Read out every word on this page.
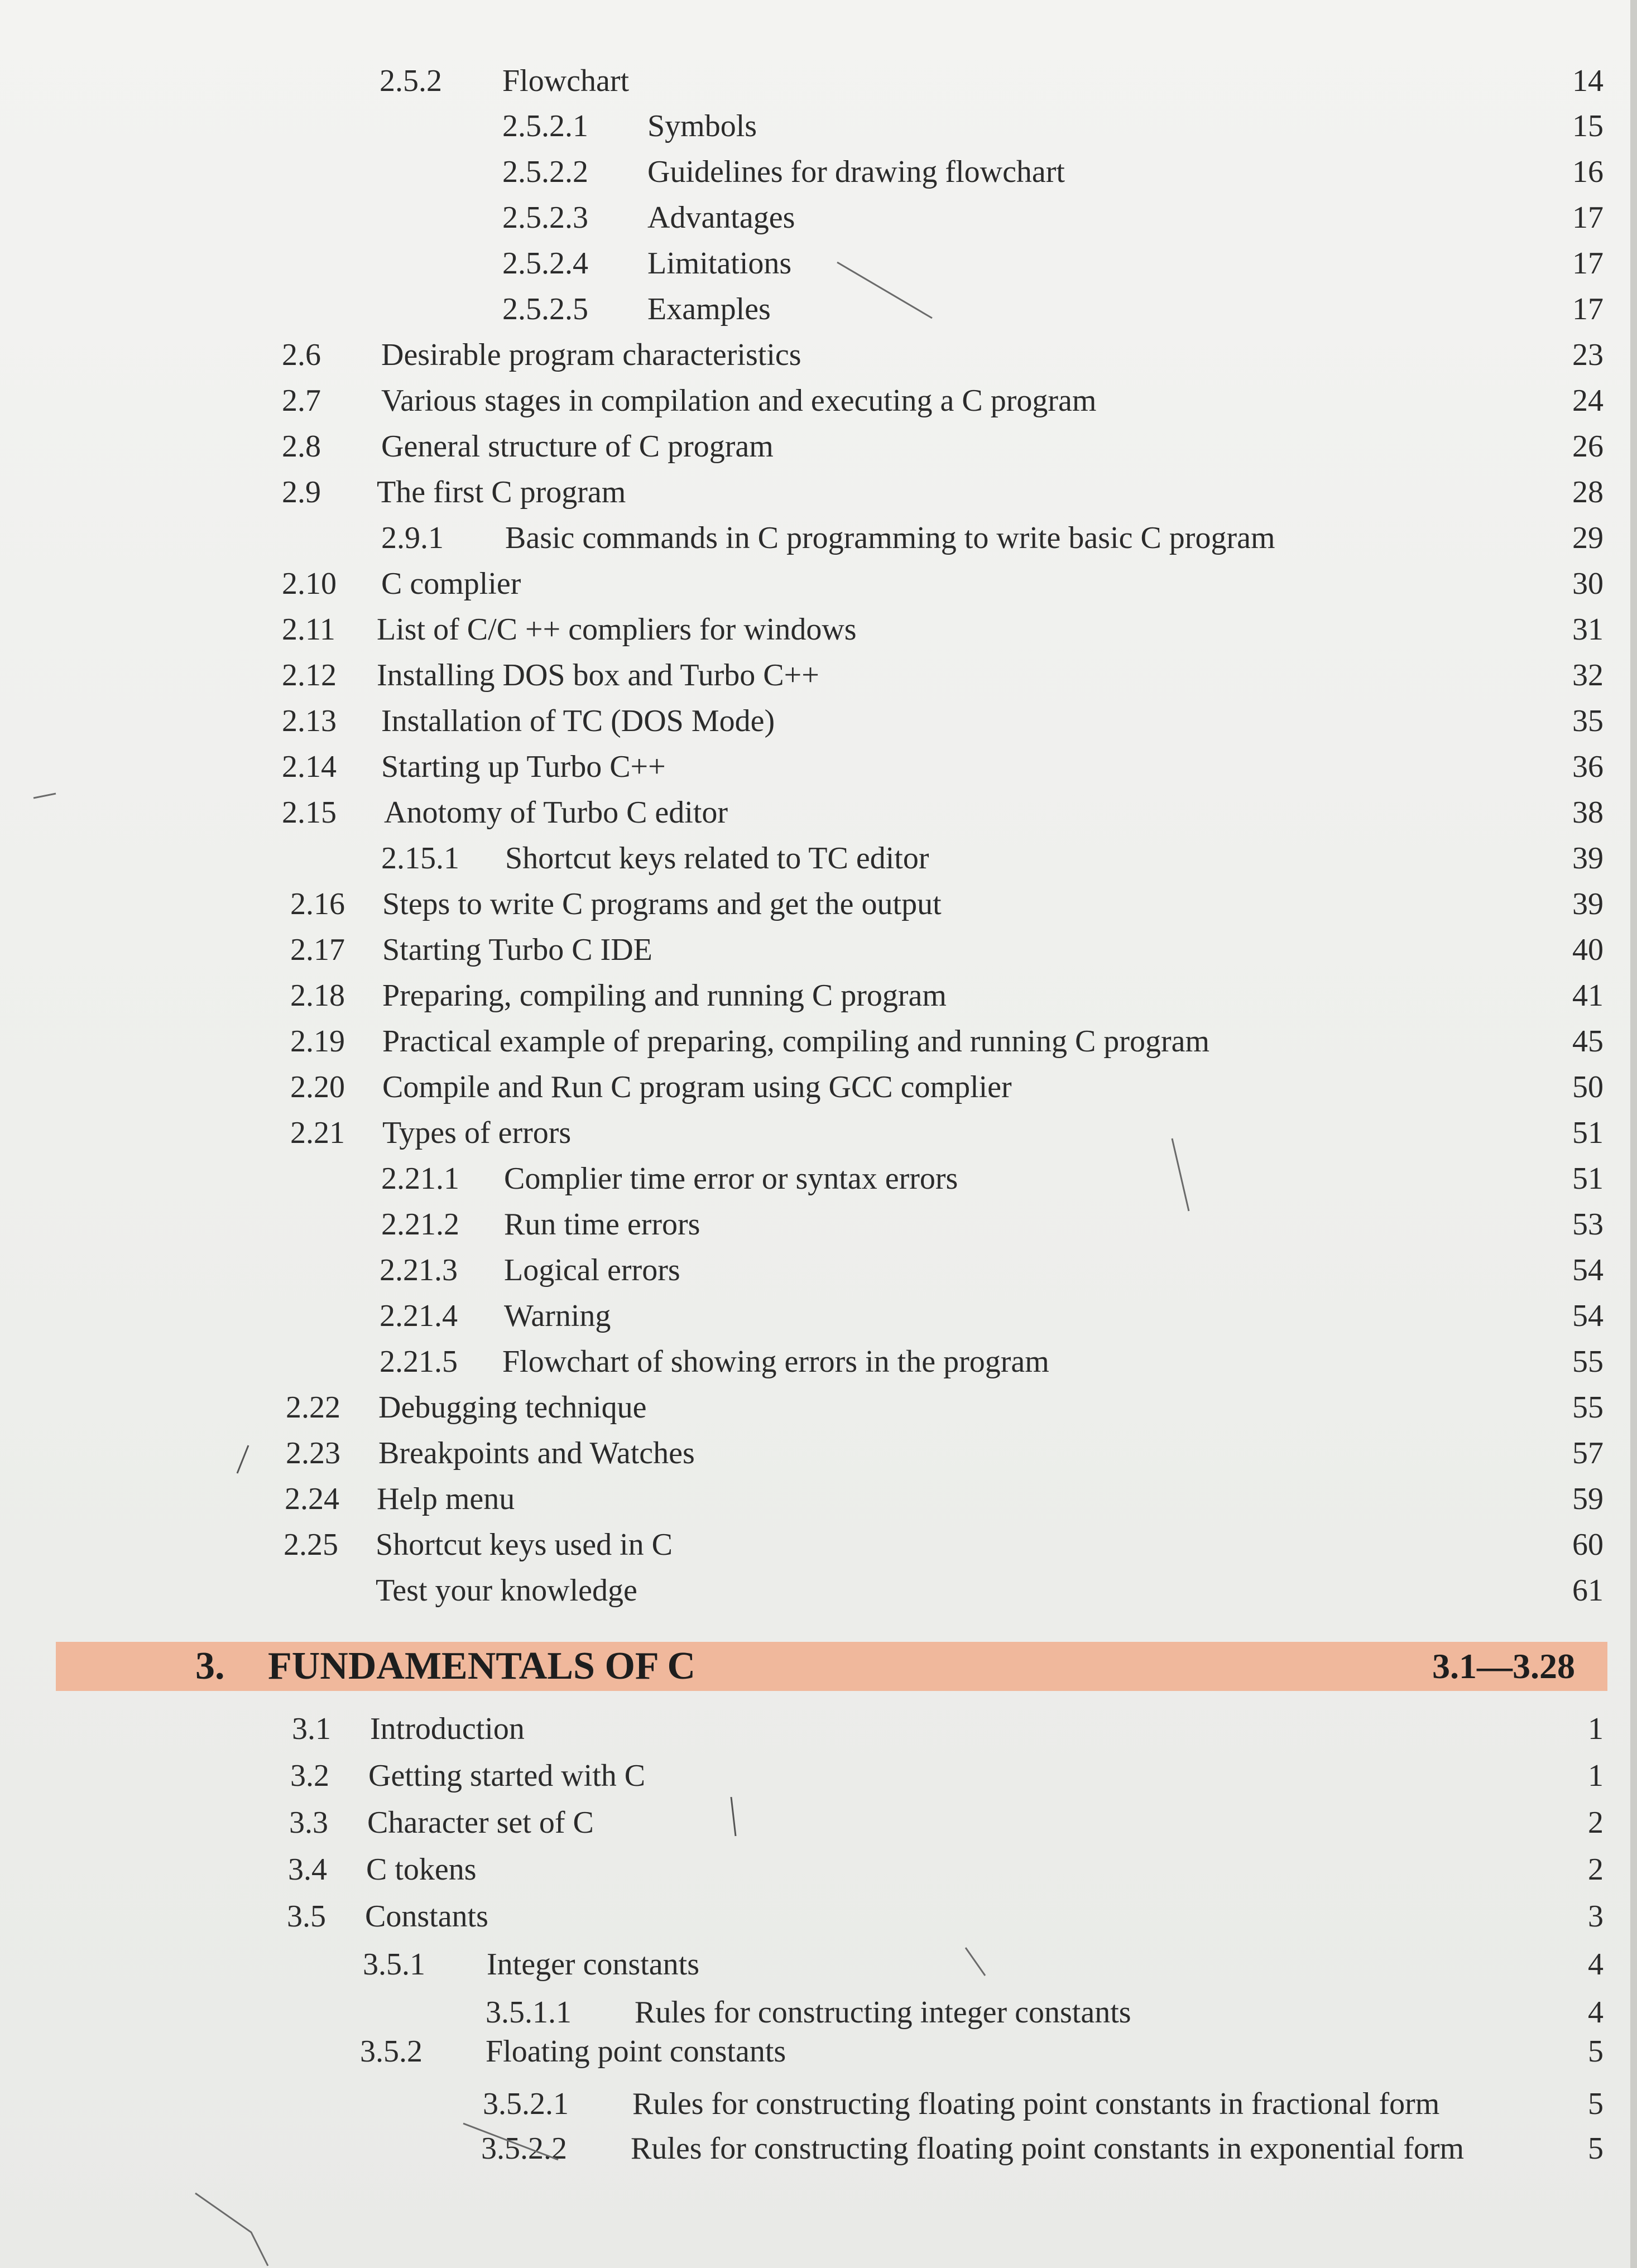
2.5.2 Flowchart	14
2.5.2.1 Symbols	15
2.5.2.2 Guidelines for drawing flowchart	16
2.5.2.3 Advantages	17
2.5.2.4 Limitations	17
2.5.2.5 Examples	17
2.6 Desirable program characteristics	23
2.7 Various stages in compilation and executing a C program	24
2.8 General structure of C program	26
2.9 The first C program	28
2.9.1 Basic commands in C programming to write basic C program	29
2.10 C complier	30
2.11 List of C/C ++ compliers for windows	31
2.12 Installing DOS box and Turbo C++	32
2.13 Installation of TC (DOS Mode)	35
2.14 Starting up Turbo C++	36
2.15 Anotomy of Turbo C editor	38
2.15.1 Shortcut keys related to TC editor	39
2.16 Steps to write C programs and get the output	39
2.17 Starting Turbo C IDE	40
2.18 Preparing, compiling and running C program	41
2.19 Practical example of preparing, compiling and running C program	45
2.20 Compile and Run C program using GCC complier	50
2.21 Types of errors	51
2.21.1 Complier time error or syntax errors	51
2.21.2 Run time errors	53
2.21.3 Logical errors	54
2.21.4 Warning	54
2.21.5 Flowchart of showing errors in the program	55
2.22 Debugging technique	55
2.23 Breakpoints and Watches	57
2.24 Help menu	59
2.25 Shortcut keys used in C	60
Test your knowledge	61
3. FUNDAMENTALS OF C	3.1—3.28
3.1 Introduction	1
3.2 Getting started with C	1
3.3 Character set of C	2
3.4 C tokens	2
3.5 Constants	3
3.5.1 Integer constants	4
3.5.1.1 Rules for constructing integer constants	4
3.5.2 Floating point constants	5
3.5.2.1 Rules for constructing floating point constants in fractional form	5
3.5.2.2 Rules for constructing floating point constants in exponential form	5
